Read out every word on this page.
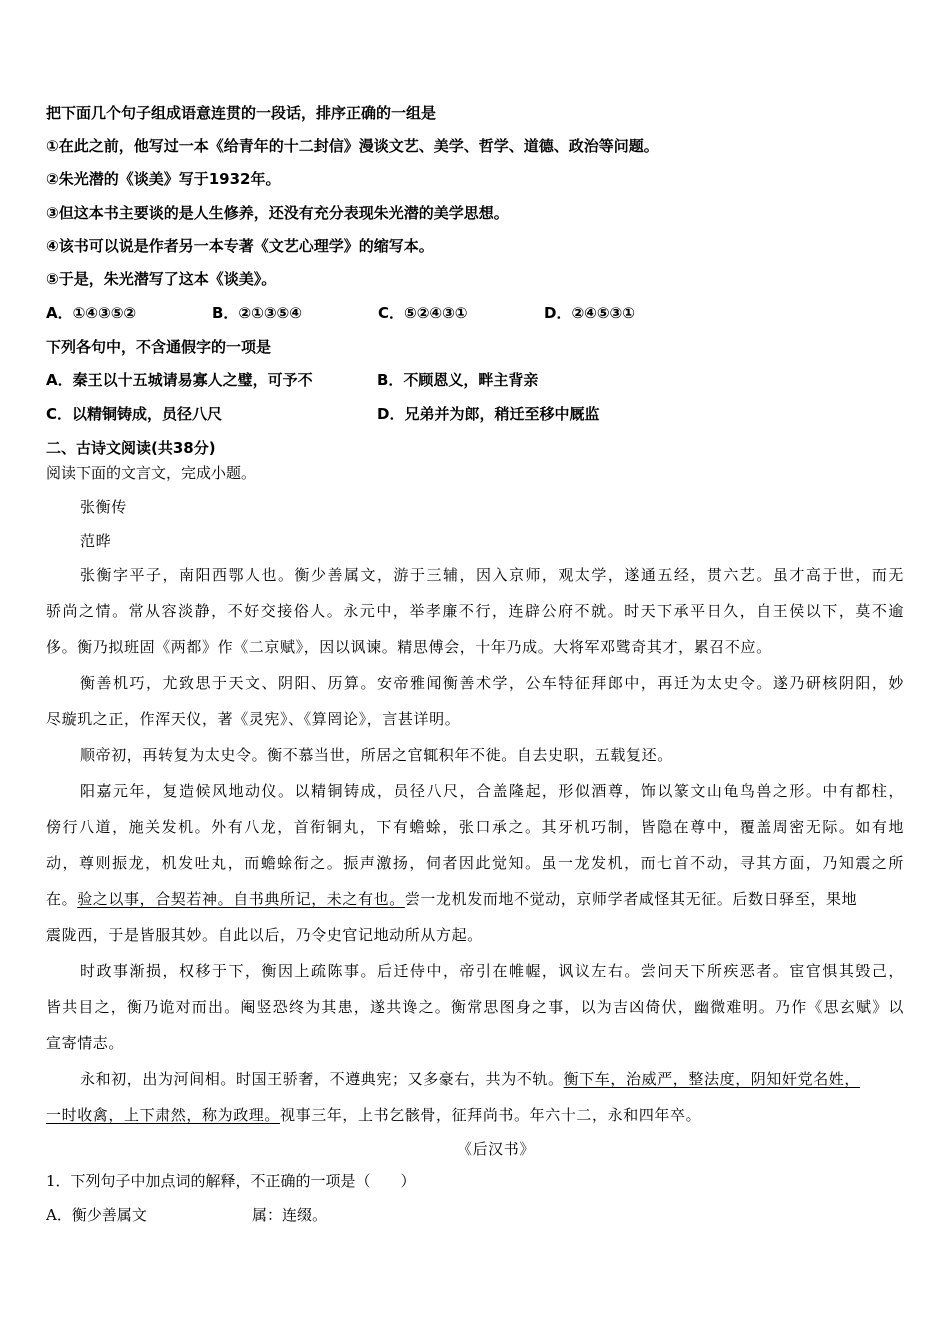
把下面几个句子组成语意连贯的一段话，排序正确的一组是
①在此之前，他写过一本《给青年的十二封信》漫谈文艺、美学、哲学、道德、政治等问题。
②朱光潜的《谈美》写于1932年。
③但这本书主要谈的是人生修养，还没有充分表现朱光潜的美学思想。
④该书可以说是作者另一本专著《文艺心理学》的缩写本。
⑤于是，朱光潜写了这本《谈美》。
A．①④③⑤②	B．②①③⑤④	C．⑤②④③①	D．②④⑤③①
下列各句中，不含通假字的一项是
A．秦王以十五城请易寡人之璧，可予不	B．不顾恩义，畔主背亲
C．以精铜铸成，员径八尺	D．兄弟并为郎，稍迁至移中厩监
二、古诗文阅读(共38分)
阅读下面的文言文，完成小题。
张衡传
范晔
张衡字平子，南阳西鄂人也。衡少善属文，游于三辅，因入京师，观太学，遂通五经，贯六艺。虽才高于世，而无
骄尚之情。常从容淡静，不好交接俗人。永元中，举孝廉不行，连辟公府不就。时天下承平日久，自王侯以下，莫不逾
侈。衡乃拟班固《两都》作《二京赋》，因以讽谏。精思傅会，十年乃成。大将军邓骘奇其才，累召不应。
衡善机巧，尤致思于天文、阴阳、历算。安帝雅闻衡善术学，公车特征拜郎中，再迁为太史令。遂乃研核阴阳，妙
尽璇玑之正，作浑天仪，著《灵宪》、《算罔论》，言甚详明。
顺帝初，再转复为太史令。衡不慕当世，所居之官辄积年不徙。自去史职，五载复还。
阳嘉元年，复造候风地动仪。以精铜铸成，员径八尺，合盖隆起，形似酒尊，饰以篆文山龟鸟兽之形。中有都柱，
傍行八道，施关发机。外有八龙，首衔铜丸，下有蟾蜍，张口承之。其牙机巧制，皆隐在尊中，覆盖周密无际。如有地
动，尊则振龙，机发吐丸，而蟾蜍衔之。振声激扬，伺者因此觉知。虽一龙发机，而七首不动，寻其方面，乃知震之所
在。验之以事，合契若神。自书典所记，未之有也。尝一龙机发而地不觉动，京师学者咸怪其无征。后数日驿至，果地
震陇西，于是皆服其妙。自此以后，乃令史官记地动所从方起。
时政事渐损，权移于下，衡因上疏陈事。后迁侍中，帝引在帷幄，讽议左右。尝问天下所疾恶者。宦官惧其毁己，
皆共目之，衡乃诡对而出。阉竖恐终为其患，遂共谗之。衡常思图身之事，以为吉凶倚伏，幽微难明。乃作《思玄赋》以
宣寄情志。
永和初，出为河间相。时国王骄奢，不遵典宪；又多豪右，共为不轨。衡下车，治威严，整法度，阴知奸党名姓，
一时收禽，上下肃然，称为政理。视事三年，上书乞骸骨，征拜尚书。年六十二，永和四年卒。
《后汉书》
1．下列句子中加点词的解释，不正确的一项是（　　）
A．衡少善属文	属：连缀。
